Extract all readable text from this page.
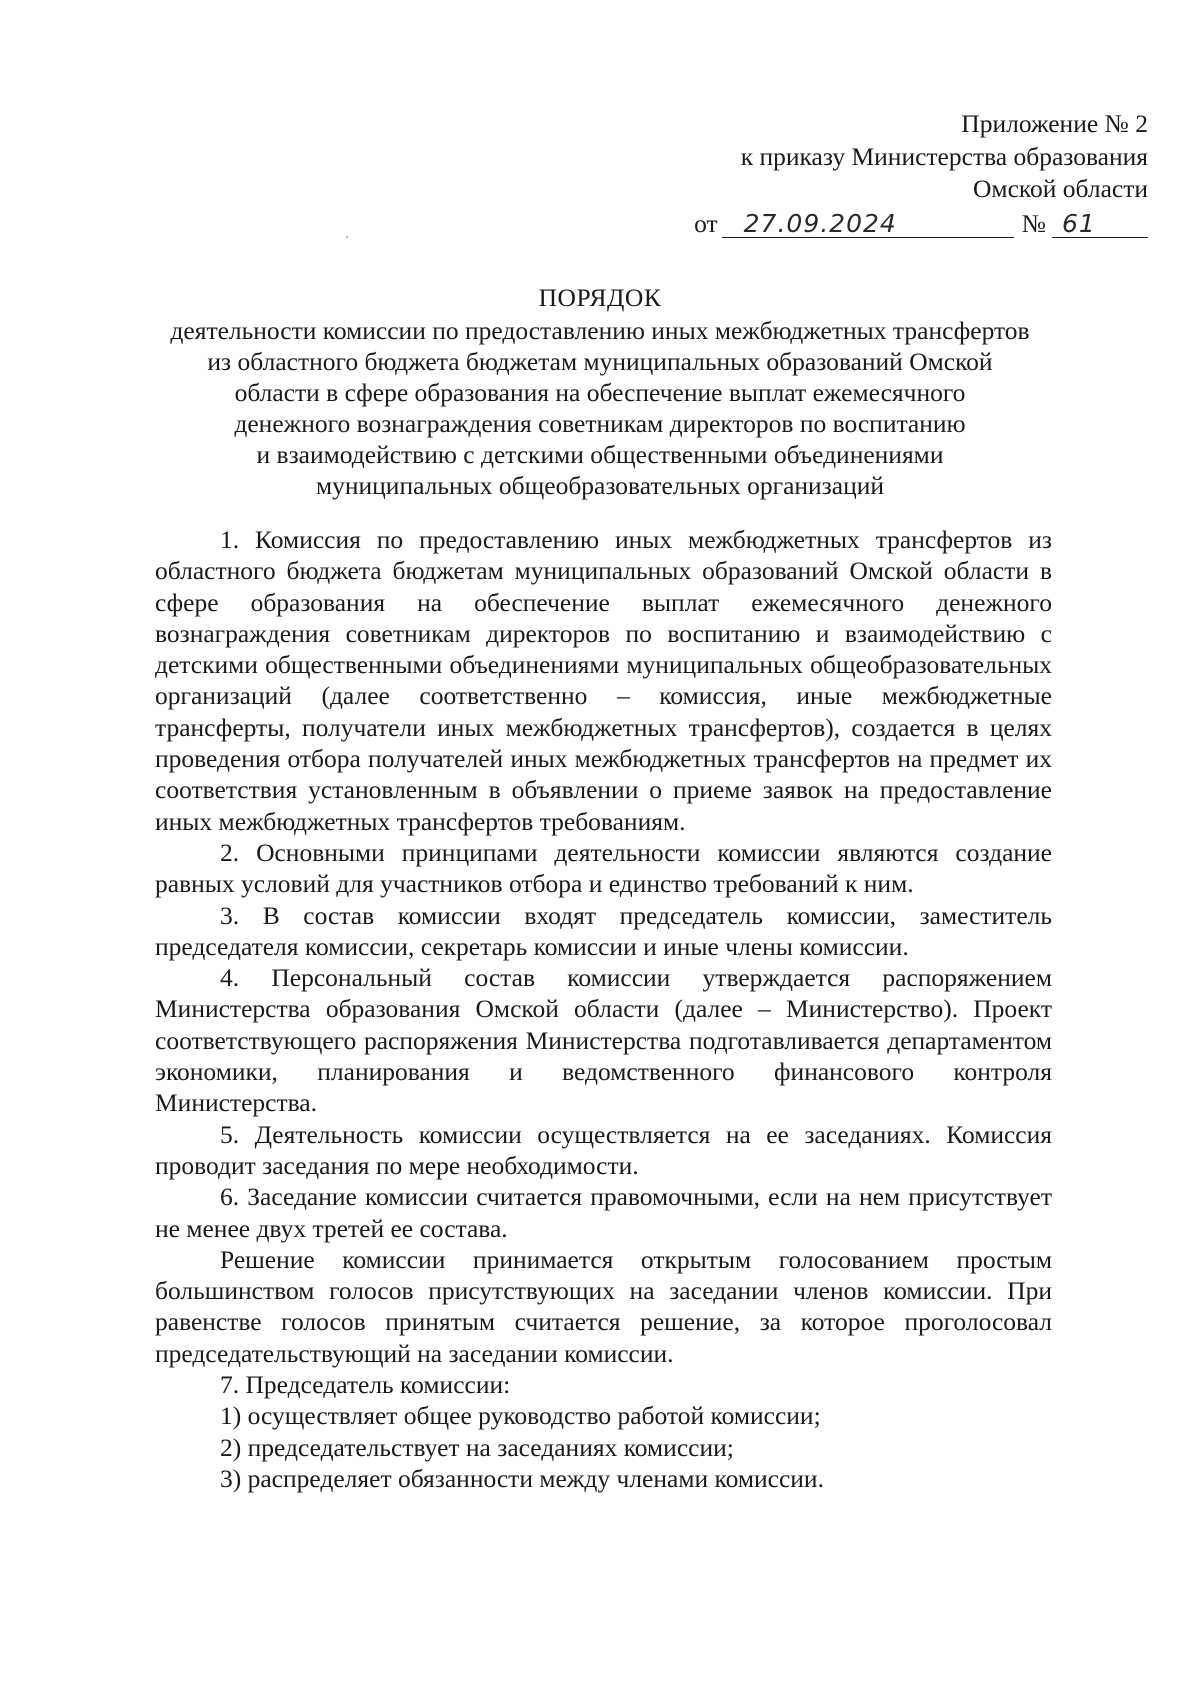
Приложение № 2
к приказу Министерства образования
Омской области
от 27.09.2024	№ 61
ПОРЯДОК
деятельности комиссии по предоставлению иных межбюджетных трансфертов
из областного бюджета бюджетам муниципальных образований Омской
области в сфере образования на обеспечение выплат ежемесячного
денежного вознаграждения советникам директоров по воспитанию
и взаимодействию с детскими общественными объединениями
муниципальных общеобразовательных организаций

1. Комиссия по предоставлению иных межбюджетных трансфертов из областного бюджета бюджетам муниципальных образований Омской области в сфере образования на обеспечение выплат ежемесячного денежного вознаграждения советникам директоров по воспитанию и взаимодействию с детскими общественными объединениями муниципальных общеобразовательных организаций (далее соответственно – комиссия, иные межбюджетные трансферты, получатели иных межбюджетных трансфертов), создается в целях проведения отбора получателей иных межбюджетных трансфертов на предмет их соответствия установленным в объявлении о приеме заявок на предоставление иных межбюджетных трансфертов требованиям.

2. Основными принципами деятельности комиссии являются создание равных условий для участников отбора и единство требований к ним.

3. В состав комиссии входят председатель комиссии, заместитель председателя комиссии, секретарь комиссии и иные члены комиссии.

4. Персональный состав комиссии утверждается распоряжением Министерства образования Омской области (далее – Министерство). Проект соответствующего распоряжения Министерства подготавливается департаментом экономики, планирования и ведомственного финансового контроля Министерства.

5. Деятельность комиссии осуществляется на ее заседаниях. Комиссия проводит заседания по мере необходимости.

6. Заседание комиссии считается правомочными, если на нем присутствует не менее двух третей ее состава.

Решение комиссии принимается открытым голосованием простым большинством голосов присутствующих на заседании членов комиссии. При равенстве голосов принятым считается решение, за которое проголосовал председательствующий на заседании комиссии.

7. Председатель комиссии:

1) осуществляет общее руководство работой комиссии;

2) председательствует на заседаниях комиссии;

3) распределяет обязанности между членами комиссии.
